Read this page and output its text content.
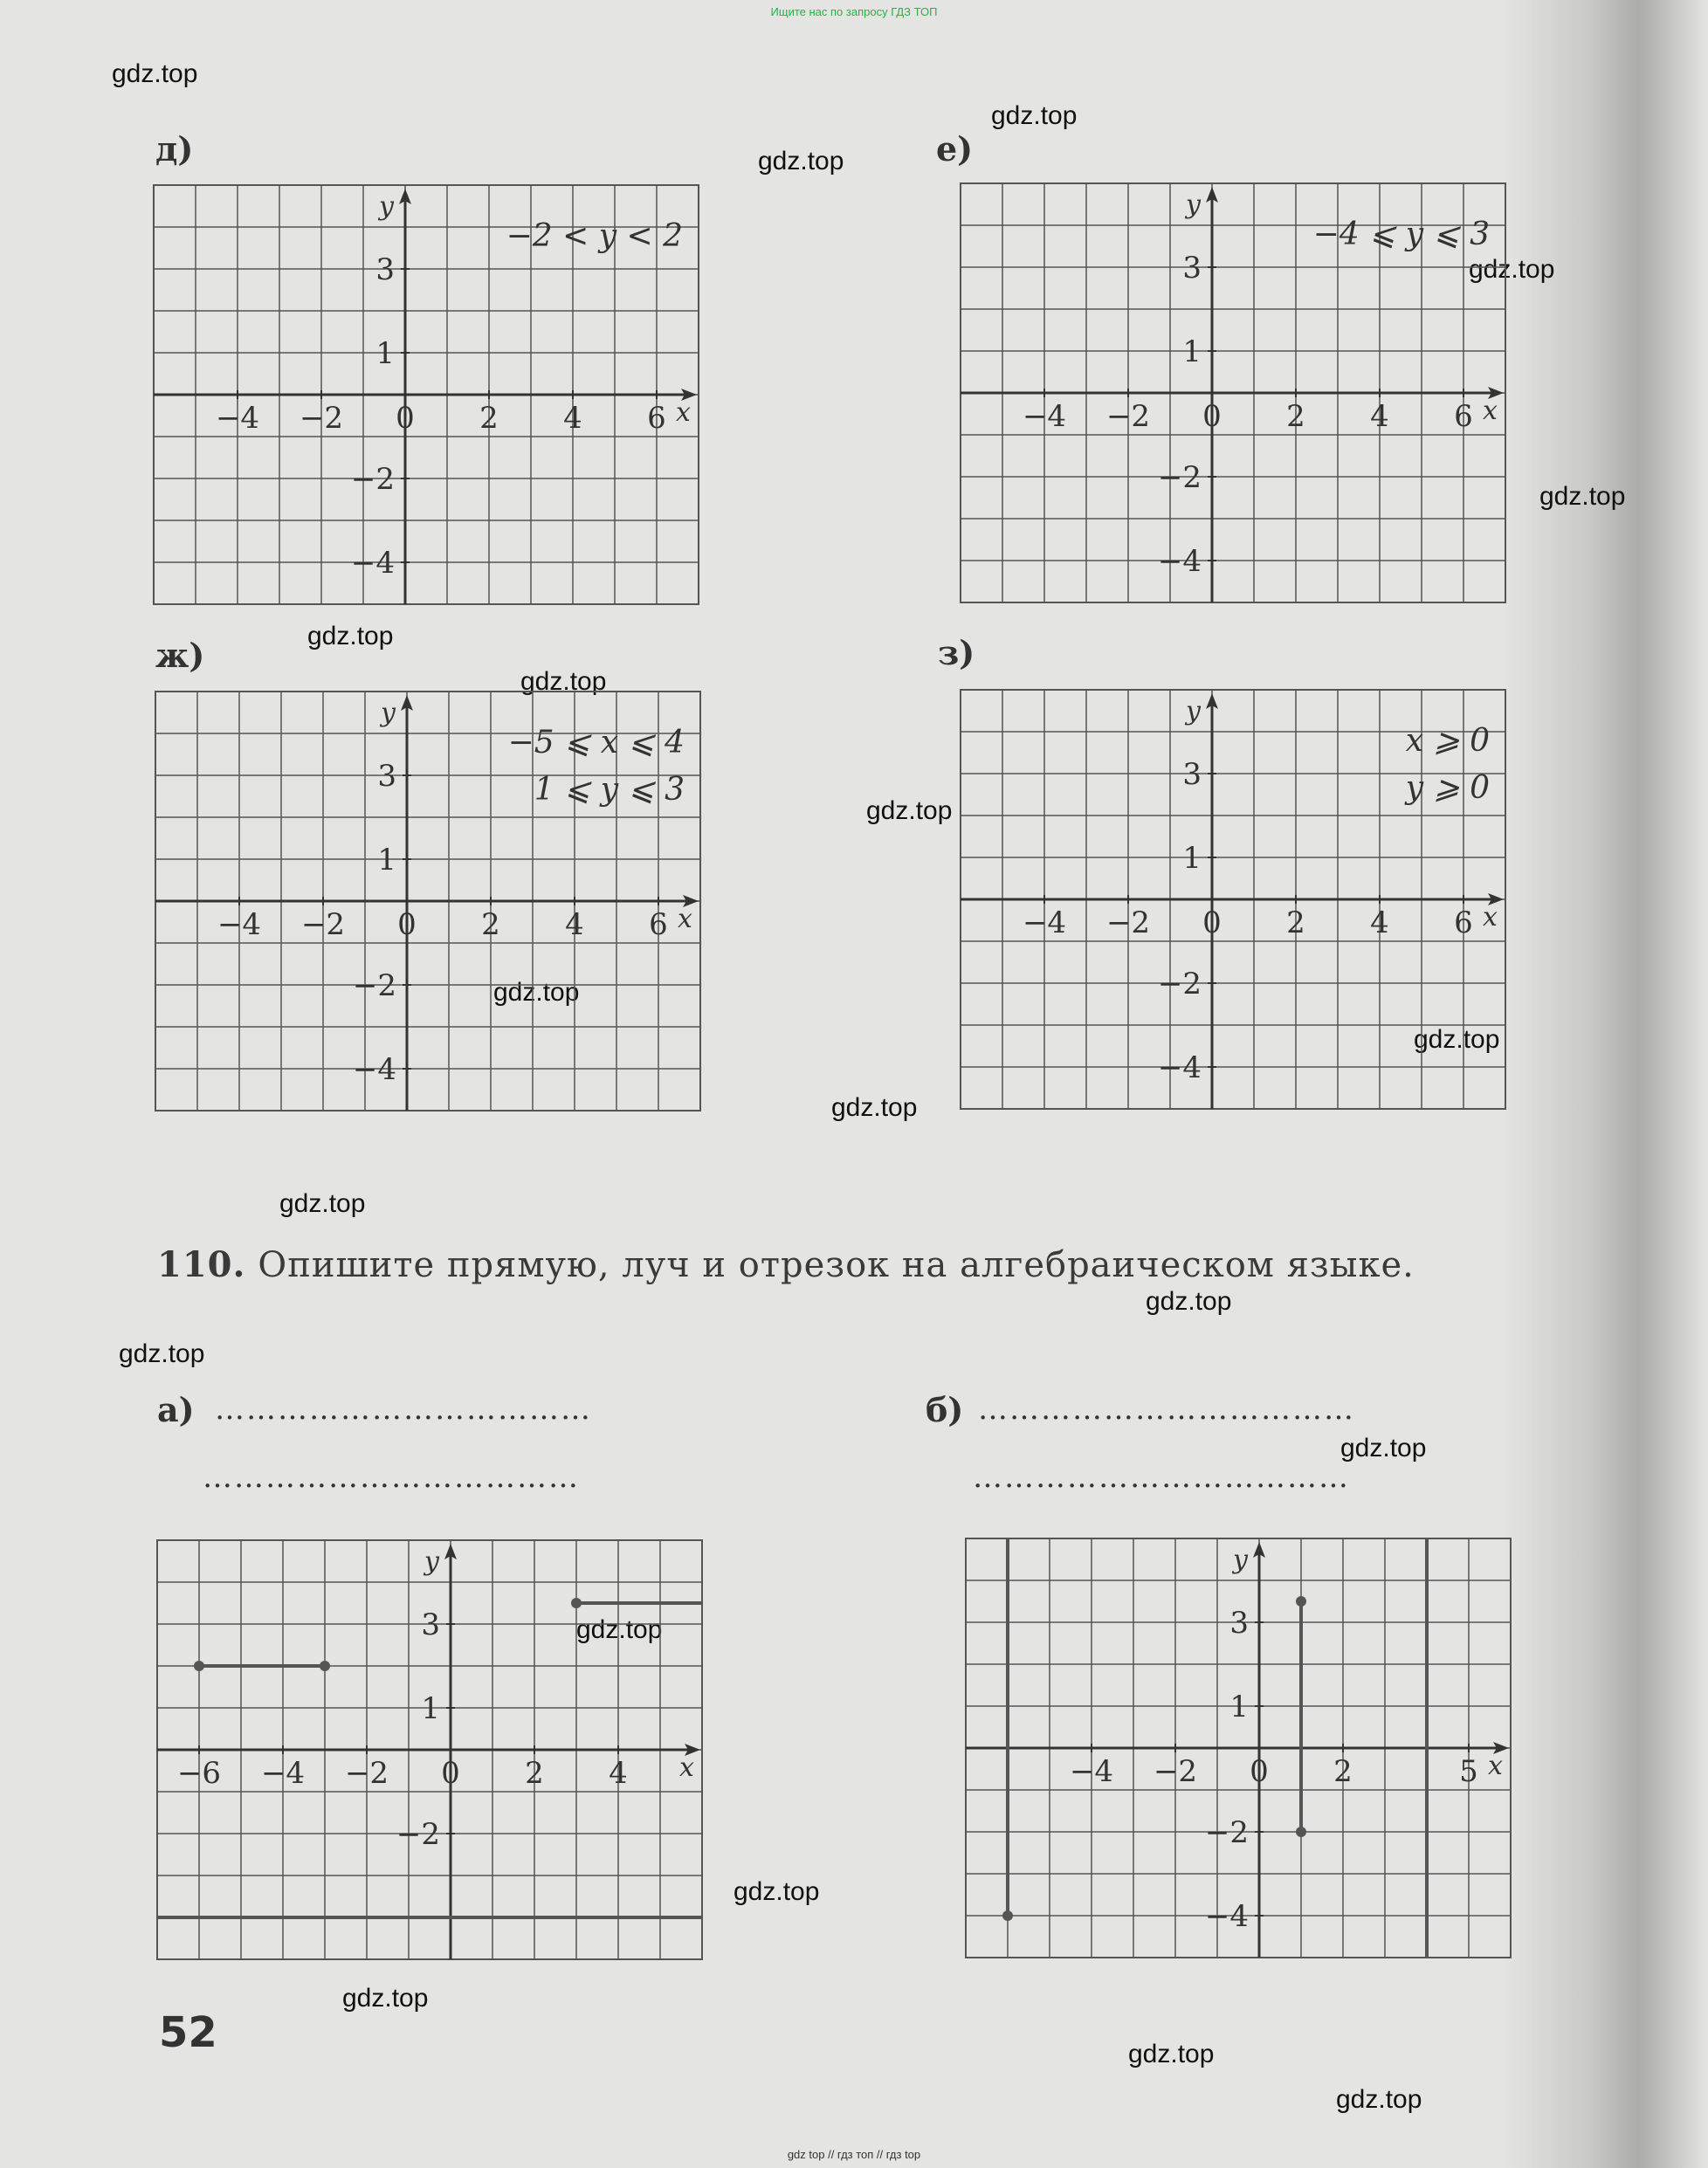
Ищите нас по запросу ГДЗ ТОП
gdz.top
gdz.top
gdz.top
gdz.top
gdz.top
gdz.top
gdz.top
gdz.top
gdz.top
gdz.top
gdz.top
gdz.top
gdz.top
gdz.top
gdz.top
gdz.top
gdz.top
gdz.top
gdz.top
gdz.top
д)	е)
ж)	з)
x
y
−4 −2 0 2 4 6
3
1
−2
−4
−2 < y < 2
x
y
−4 −2 0 2 4 6
3
1
−2
−4
−4 ⩽ y ⩽ 3
x
y
−4 −2 0 2 4 6
3
1
−2
−4
−5 ⩽ x ⩽ 4
1 ⩽ y ⩽ 3
x
y
−4 −2 0 2 4 6
3
1
−2
−4
x ⩾ 0
y ⩾ 0
110. Опишите прямую, луч и отрезок на алгебраическом языке.
а) ………………………………
………………………………
б) ………………………………
………………………………
x
y
−6 −4 −2 0 2 4
3
1
−2
x
y
−4 −2 0 2	5
3
1
−2
−4
52
gdz top // гдз топ // гдз top
